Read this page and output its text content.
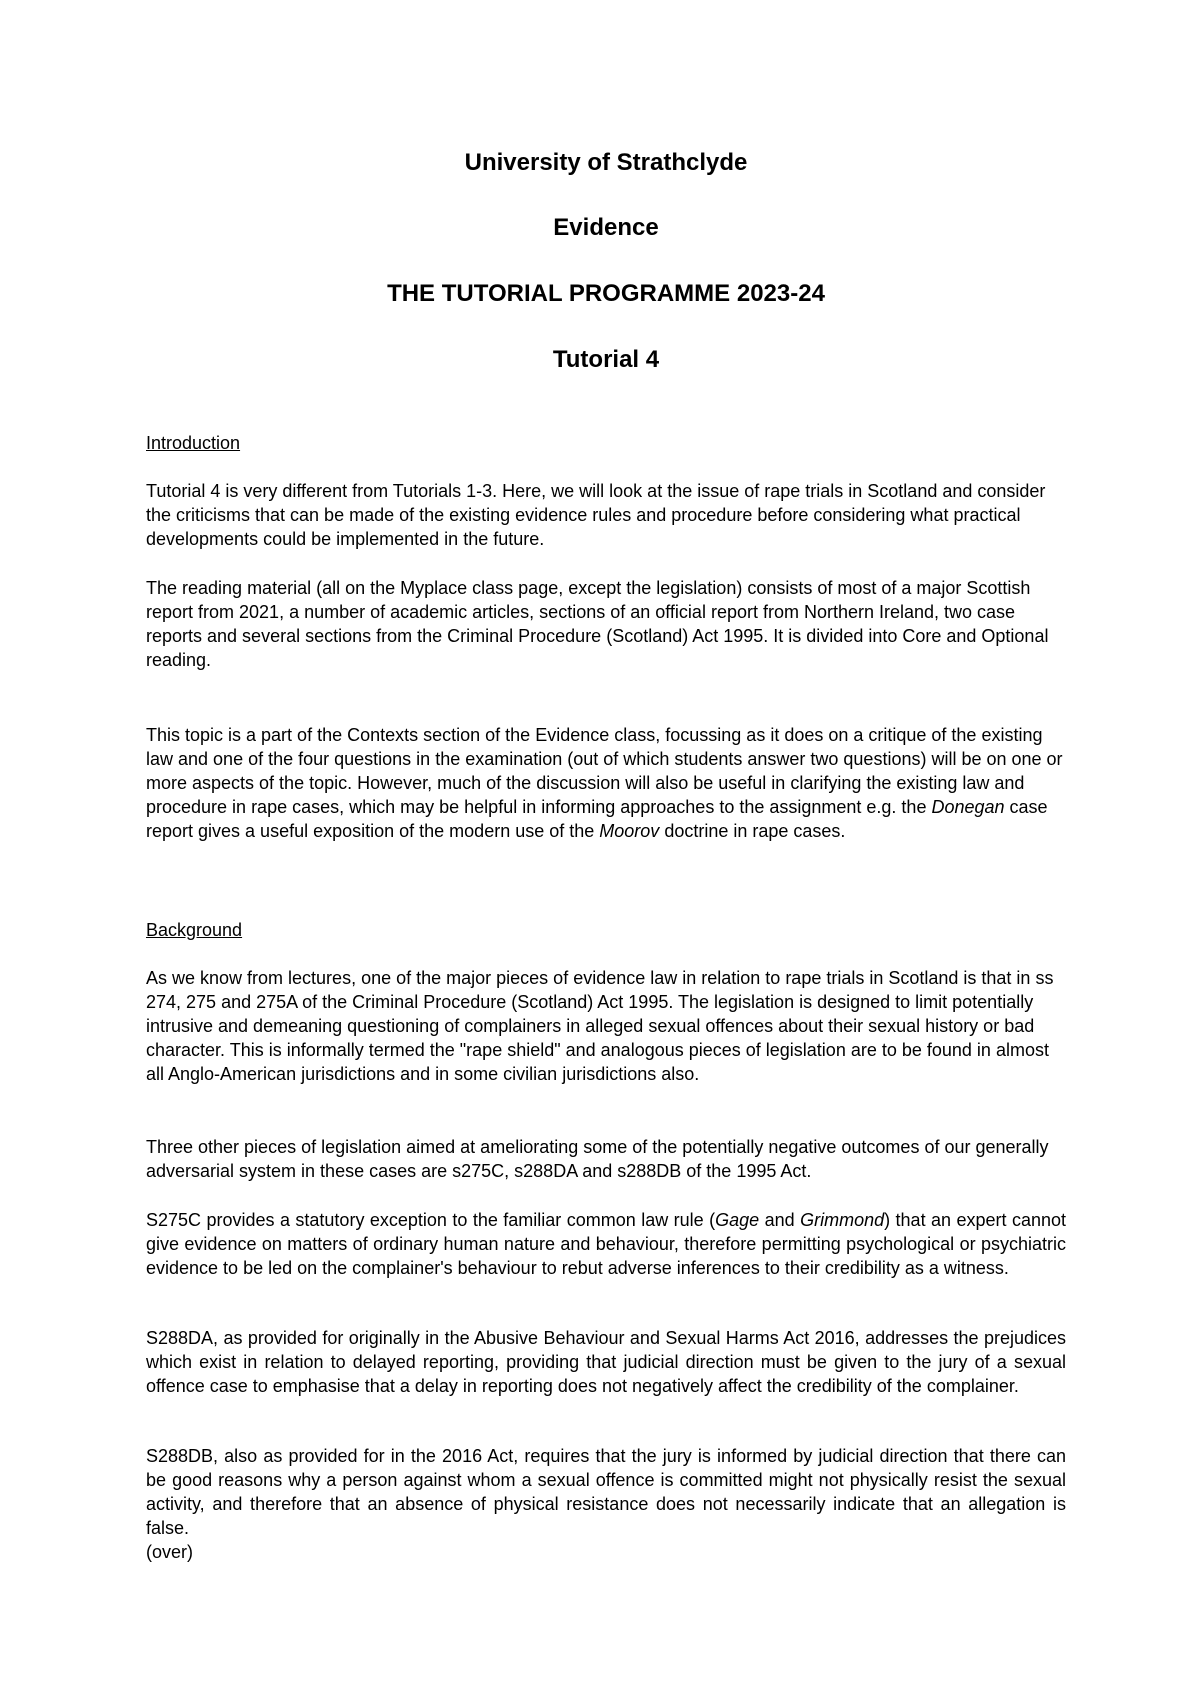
University of Strathclyde
Evidence
THE TUTORIAL PROGRAMME 2023-24
Tutorial 4

Introduction

Tutorial 4 is very different from Tutorials 1-3. Here, we will look at the issue of rape trials in Scotland and consider the criticisms that can be made of the existing evidence rules and procedure before considering what practical developments could be implemented in the future.

The reading material (all on the Myplace class page, except the legislation) consists of most of a major Scottish report from 2021, a number of academic articles, sections of an official report from Northern Ireland, two case reports and several sections from the Criminal Procedure (Scotland) Act 1995. It is divided into Core and Optional reading.

This topic is a part of the Contexts section of the Evidence class, focussing as it does on a critique of the existing law and one of the four questions in the examination (out of which students answer two questions) will be on one or more aspects of the topic. However, much of the discussion will also be useful in clarifying the existing law and procedure in rape cases, which may be helpful in informing approaches to the assignment e.g. the Donegan case report gives a useful exposition of the modern use of the Moorov doctrine in rape cases.

Background

As we know from lectures, one of the major pieces of evidence law in relation to rape trials in Scotland is that in ss 274, 275 and 275A of the Criminal Procedure (Scotland) Act 1995. The legislation is designed to limit potentially intrusive and demeaning questioning of complainers in alleged sexual offences about their sexual history or bad character. This is informally termed the "rape shield" and analogous pieces of legislation are to be found in almost all Anglo-American jurisdictions and in some civilian jurisdictions also.

Three other pieces of legislation aimed at ameliorating some of the potentially negative outcomes of our generally adversarial system in these cases are s275C, s288DA and s288DB of the 1995 Act.

S275C provides a statutory exception to the familiar common law rule (Gage and Grimmond) that an expert cannot give evidence on matters of ordinary human nature and behaviour, therefore permitting psychological or psychiatric evidence to be led on the complainer's behaviour to rebut adverse inferences to their credibility as a witness.

S288DA, as provided for originally in the Abusive Behaviour and Sexual Harms Act 2016, addresses the prejudices which exist in relation to delayed reporting, providing that judicial direction must be given to the jury of a sexual offence case to emphasise that a delay in reporting does not negatively affect the credibility of the complainer.

S288DB, also as provided for in the 2016 Act, requires that the jury is informed by judicial direction that there can be good reasons why a person against whom a sexual offence is committed might not physically resist the sexual activity, and therefore that an absence of physical resistance does not necessarily indicate that an allegation is false.

(over)
